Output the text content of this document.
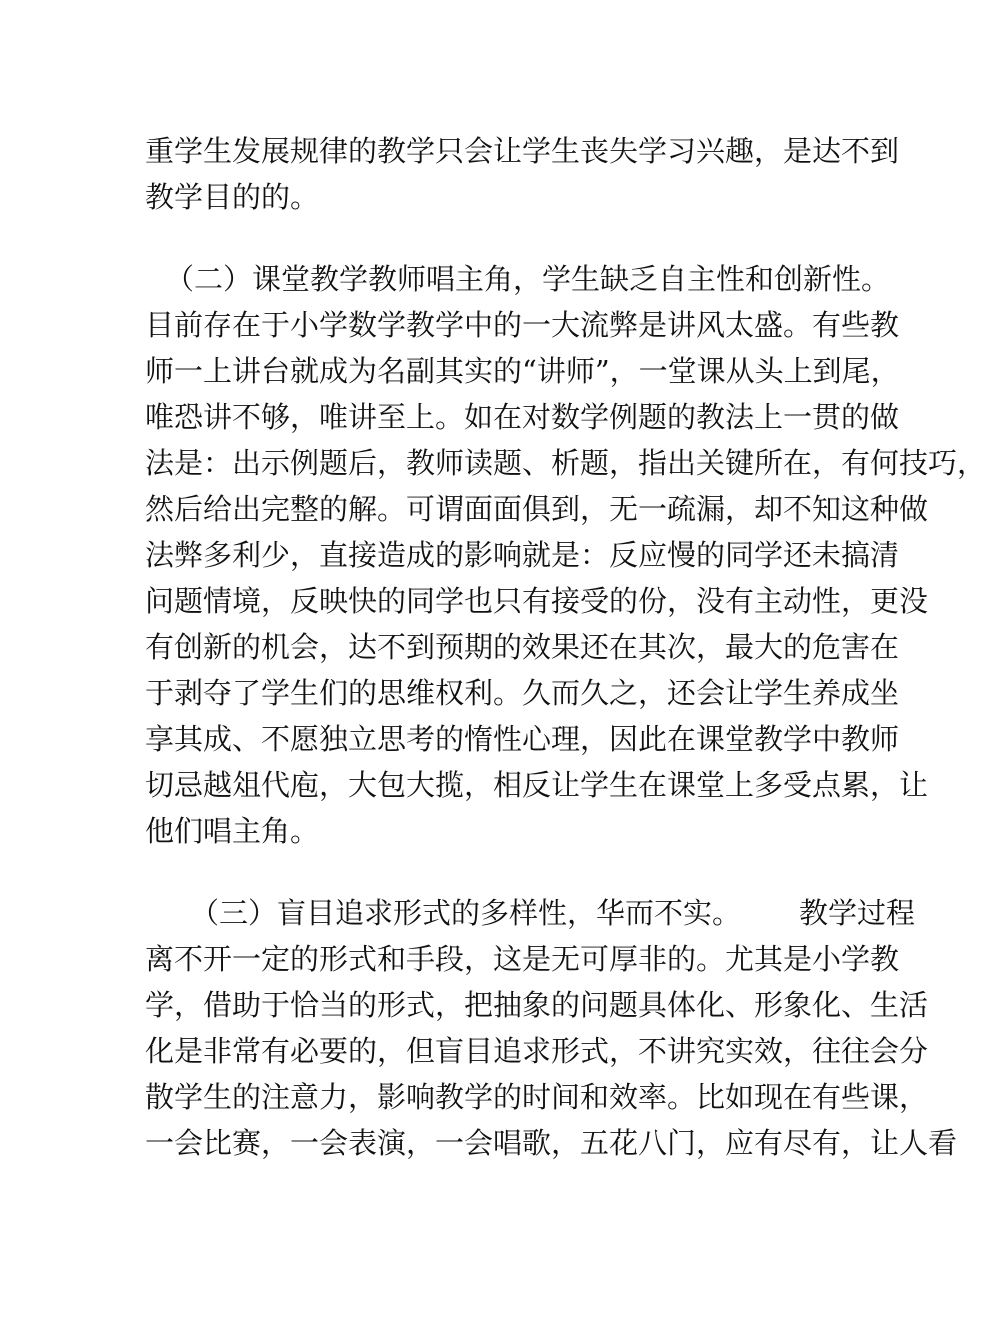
重学生发展规律的教学只会让学生丧失学习兴趣，是达不到
教学目的的。
（二）课堂教学教师唱主角，学生缺乏自主性和创新性。
目前存在于小学数学教学中的一大流弊是讲风太盛。有些教
师一上讲台就成为名副其实的“讲师”，一堂课从头上到尾，
唯恐讲不够，唯讲至上。如在对数学例题的教法上一贯的做
法是：出示例题后，教师读题、析题，指出关键所在，有何技巧，
然后给出完整的解。可谓面面俱到，无一疏漏，却不知这种做
法弊多利少，直接造成的影响就是：反应慢的同学还未搞清
问题情境，反映快的同学也只有接受的份，没有主动性，更没
有创新的机会，达不到预期的效果还在其次，最大的危害在
于剥夺了学生们的思维权利。久而久之，还会让学生养成坐
享其成、不愿独立思考的惰性心理，因此在课堂教学中教师
切忌越俎代庖，大包大揽，相反让学生在课堂上多受点累，让
他们唱主角。
（三）盲目追求形式的多样性，华而不实。 教学过程
离不开一定的形式和手段，这是无可厚非的。尤其是小学教
学，借助于恰当的形式，把抽象的问题具体化、形象化、生活
化是非常有必要的，但盲目追求形式，不讲究实效，往往会分
散学生的注意力，影响教学的时间和效率。比如现在有些课，
一会比赛，一会表演，一会唱歌，五花八门，应有尽有，让人看
